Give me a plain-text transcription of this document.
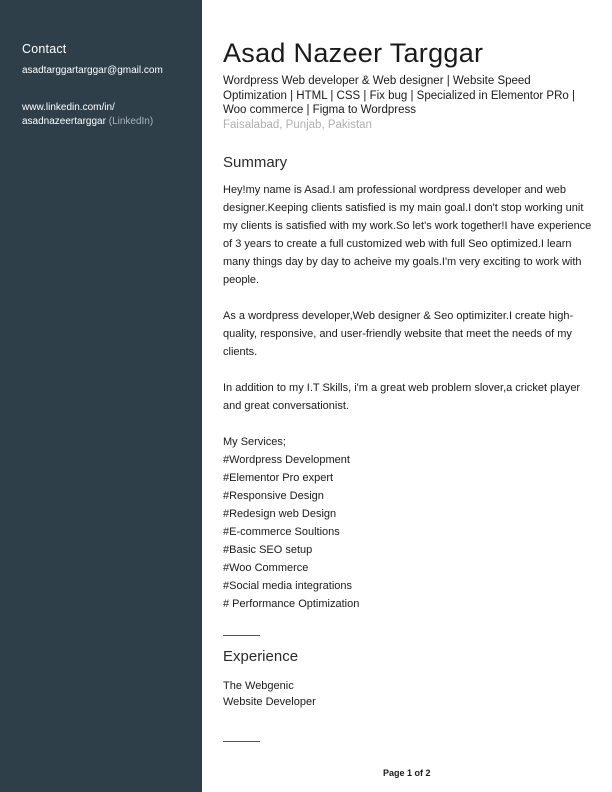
Contact
asadtarggartarggar@gmail.com
www.linkedin.com/in/
asadnazeertarggar (LinkedIn)
Asad Nazeer Targgar
Wordpress Web developer & Web designer | Website Speed Optimization | HTML | CSS | Fix bug | Specialized in Elementor PRo | Woo commerce | Figma to Wordpress
Faisalabad, Punjab, Pakistan
Summary

Hey!my name is Asad.I am professional wordpress developer and web designer.Keeping clients satisfied is my main goal.I don't stop working unit my clients is satisfied with my work.So let's work together!I have experience of 3 years to create a full customized web with full Seo optimized.I learn many things day by day to acheive my goals.I'm very exciting to work with people.

As a wordpress developer,Web designer & Seo optimiziter.I create high-quality, responsive, and user-friendly website that meet the needs of my clients.

In addition to my I.T Skills, i'm a great web problem slover,a cricket player and great conversationist.

My Services;
#Wordpress Development
#Elementor Pro expert
#Responsive Design
#Redesign web Design
#E-commerce Soultions
#Basic SEO setup
#Woo Commerce
#Social media integrations
# Performance Optimization
Experience
The Webgenic
Website Developer
Page 1 of 2
